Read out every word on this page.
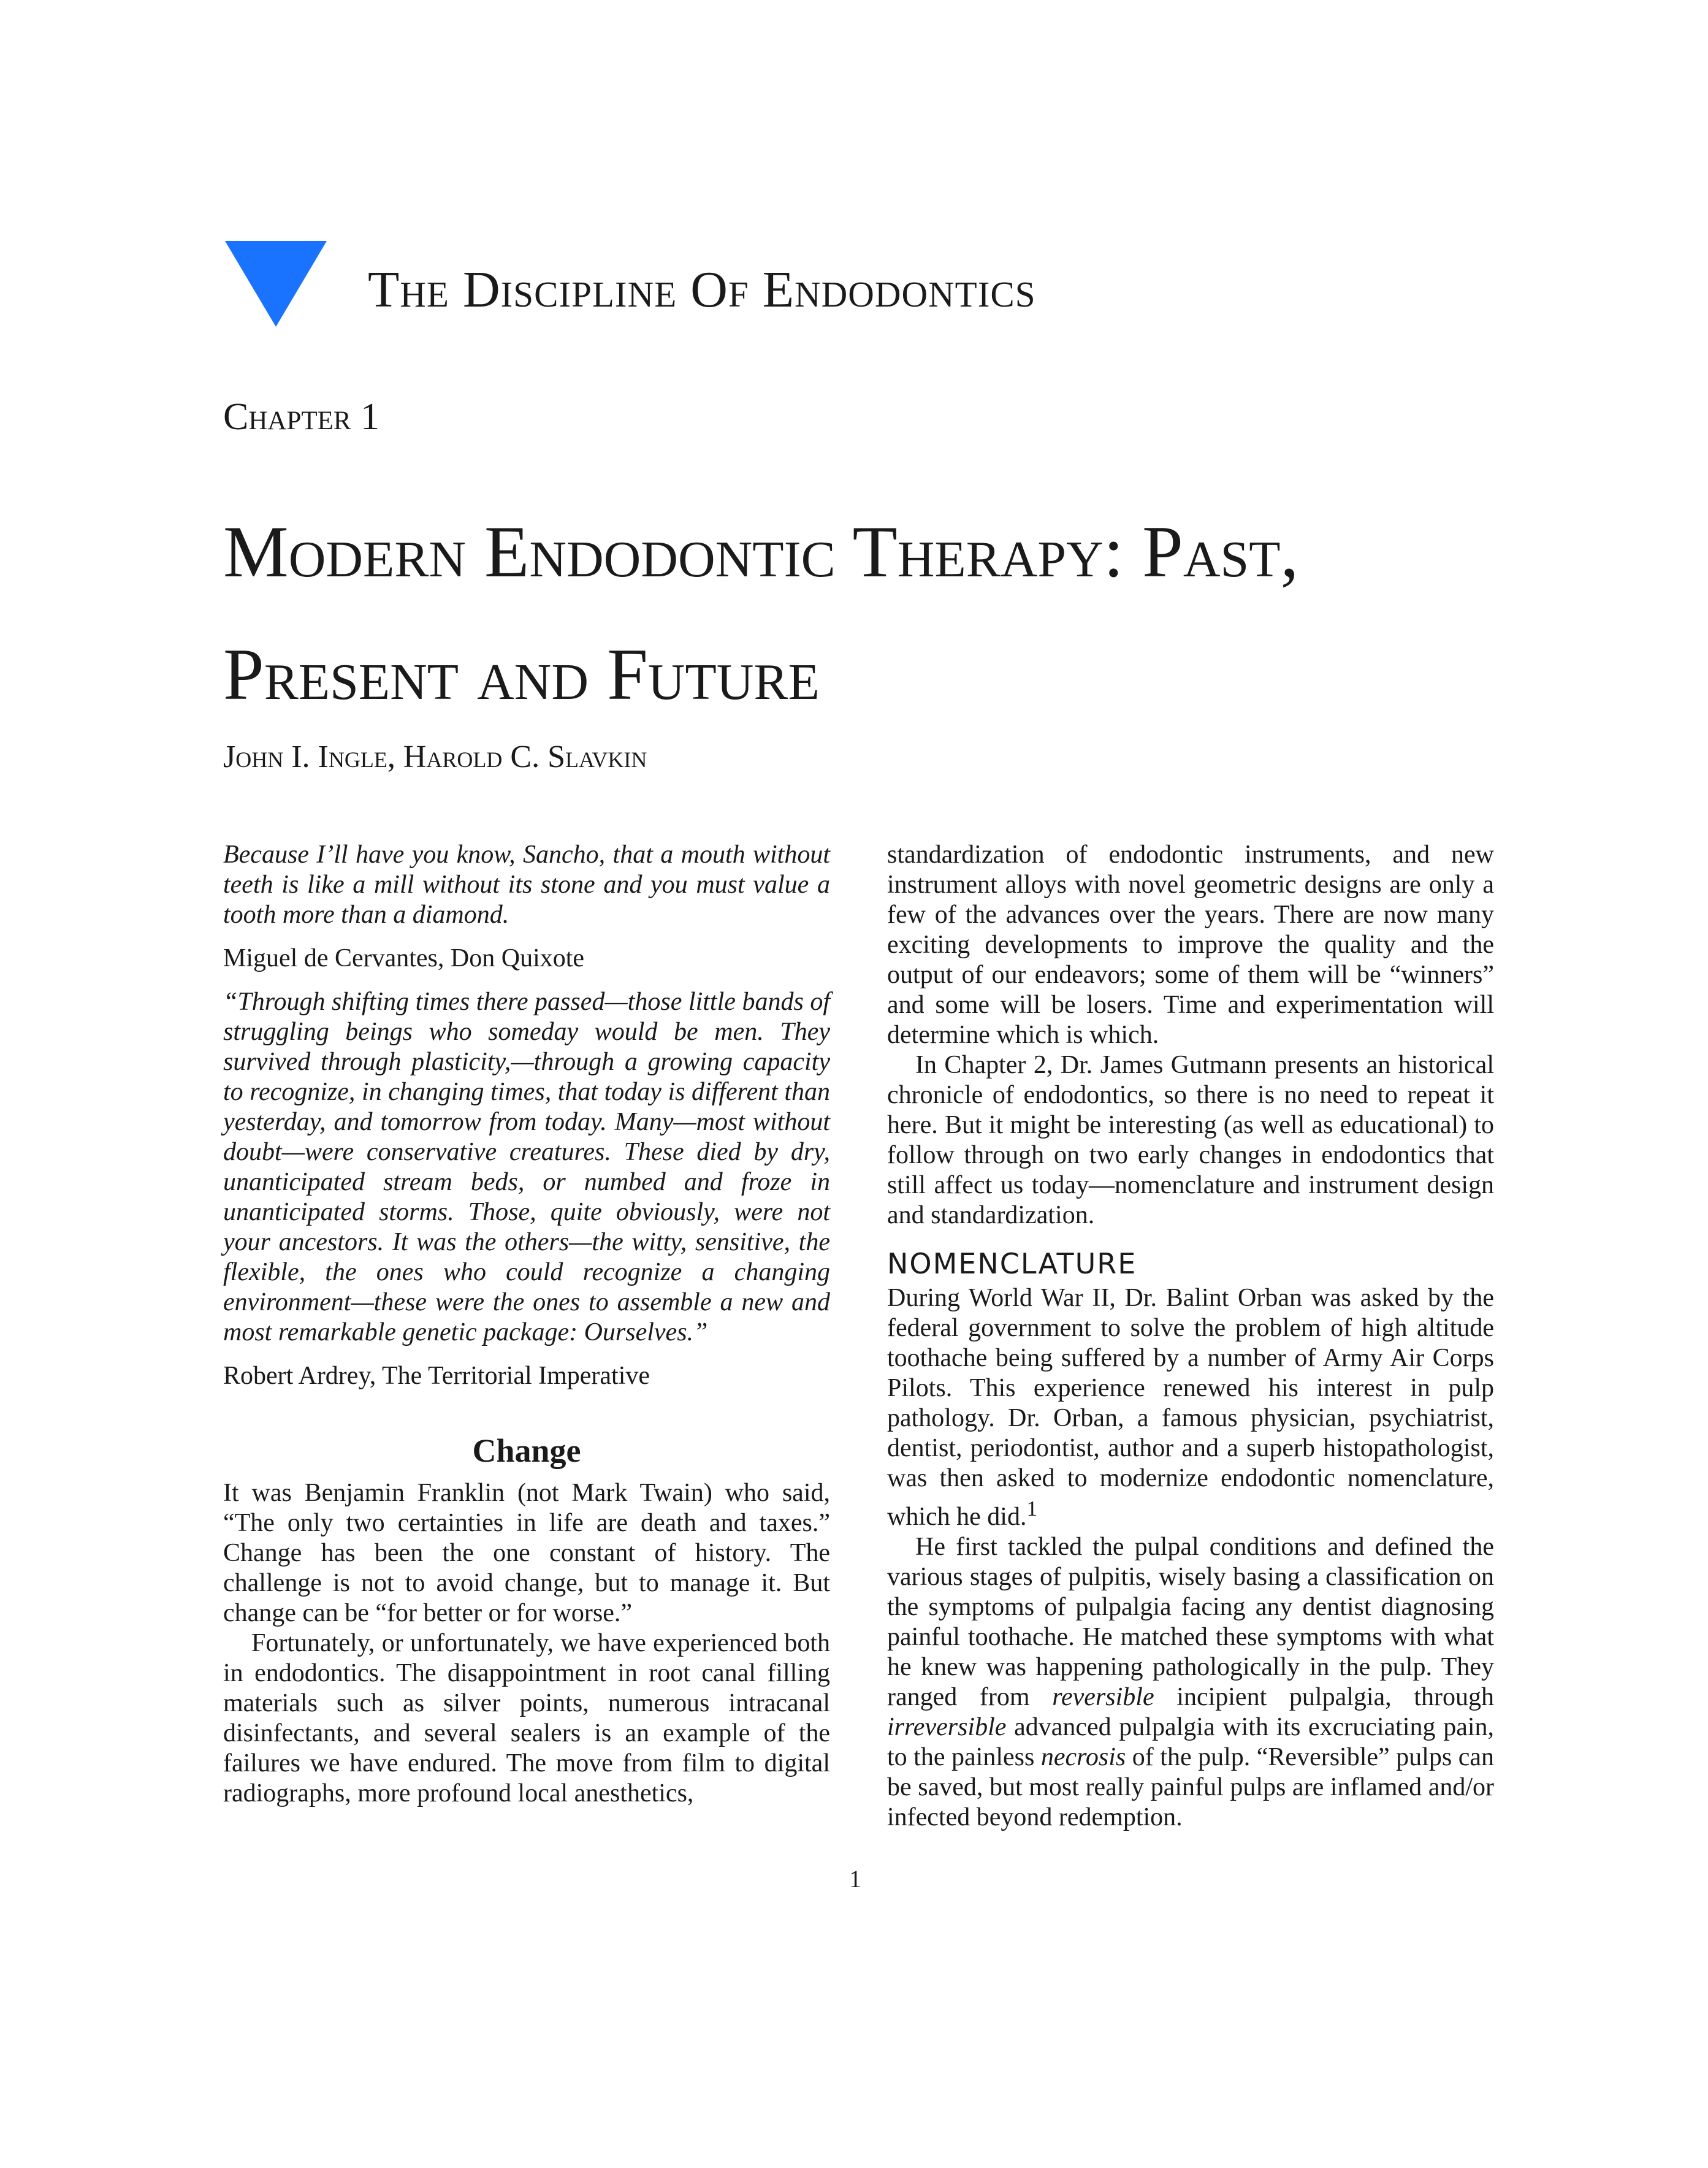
The Discipline Of Endodontics
Chapter 1
Modern Endodontic Therapy: Past,
Present and Future
John I. Ingle, Harold C. Slavkin

Because I’ll have you know, Sancho, that a mouth without teeth is like a mill without its stone and you must value a tooth more than a diamond.

Miguel de Cervantes, Don Quixote

“Through shifting times there passed—those little bands of struggling beings who someday would be men. They survived through plasticity,—through a growing capacity to recognize, in changing times, that today is different than yesterday, and tomorrow from today. Many—most without doubt—were conservative creatures. These died by dry, unanticipated stream beds, or numbed and froze in unanticipated storms. Those, quite obviously, were not your ancestors. It was the others—the witty, sensitive, the flexible, the ones who could recognize a changing environment—these were the ones to assemble a new and most remarkable genetic package: Ourselves.”

Robert Ardrey, The Territorial Imperative

Change

It was Benjamin Franklin (not Mark Twain) who said, “The only two certainties in life are death and taxes.” Change has been the one constant of history. The challenge is not to avoid change, but to manage it. But change can be “for better or for worse.”

Fortunately, or unfortunately, we have experienced both in endodontics. The disappointment in root canal filling materials such as silver points, numerous intracanal disinfectants, and several sealers is an example of the failures we have endured. The move from film to digital radiographs, more profound local anesthetics,

standardization of endodontic instruments, and new instrument alloys with novel geometric designs are only a few of the advances over the years. There are now many exciting developments to improve the quality and the output of our endeavors; some of them will be “winners” and some will be losers. Time and experimentation will determine which is which.

In Chapter 2, Dr. James Gutmann presents an historical chronicle of endodontics, so there is no need to repeat it here. But it might be interesting (as well as educational) to follow through on two early changes in endodontics that still affect us today—nomenclature and instrument design and standardization.

NOMENCLATURE

During World War II, Dr. Balint Orban was asked by the federal government to solve the problem of high altitude toothache being suffered by a number of Army Air Corps Pilots. This experience renewed his interest in pulp pathology. Dr. Orban, a famous physician, psychiatrist, dentist, periodontist, author and a superb histopathologist, was then asked to modernize endodontic nomenclature, which he did.$^1$

He first tackled the pulpal conditions and defined the various stages of pulpitis, wisely basing a classification on the symptoms of pulpalgia facing any dentist diagnosing painful toothache. He matched these symptoms with what he knew was happening pathologically in the pulp. They ranged from reversible incipient pulpalgia, through irreversible advanced pulpalgia with its excruciating pain, to the painless necrosis of the pulp. “Reversible” pulps can be saved, but most really painful pulps are inflamed and/or infected beyond redemption.

1
